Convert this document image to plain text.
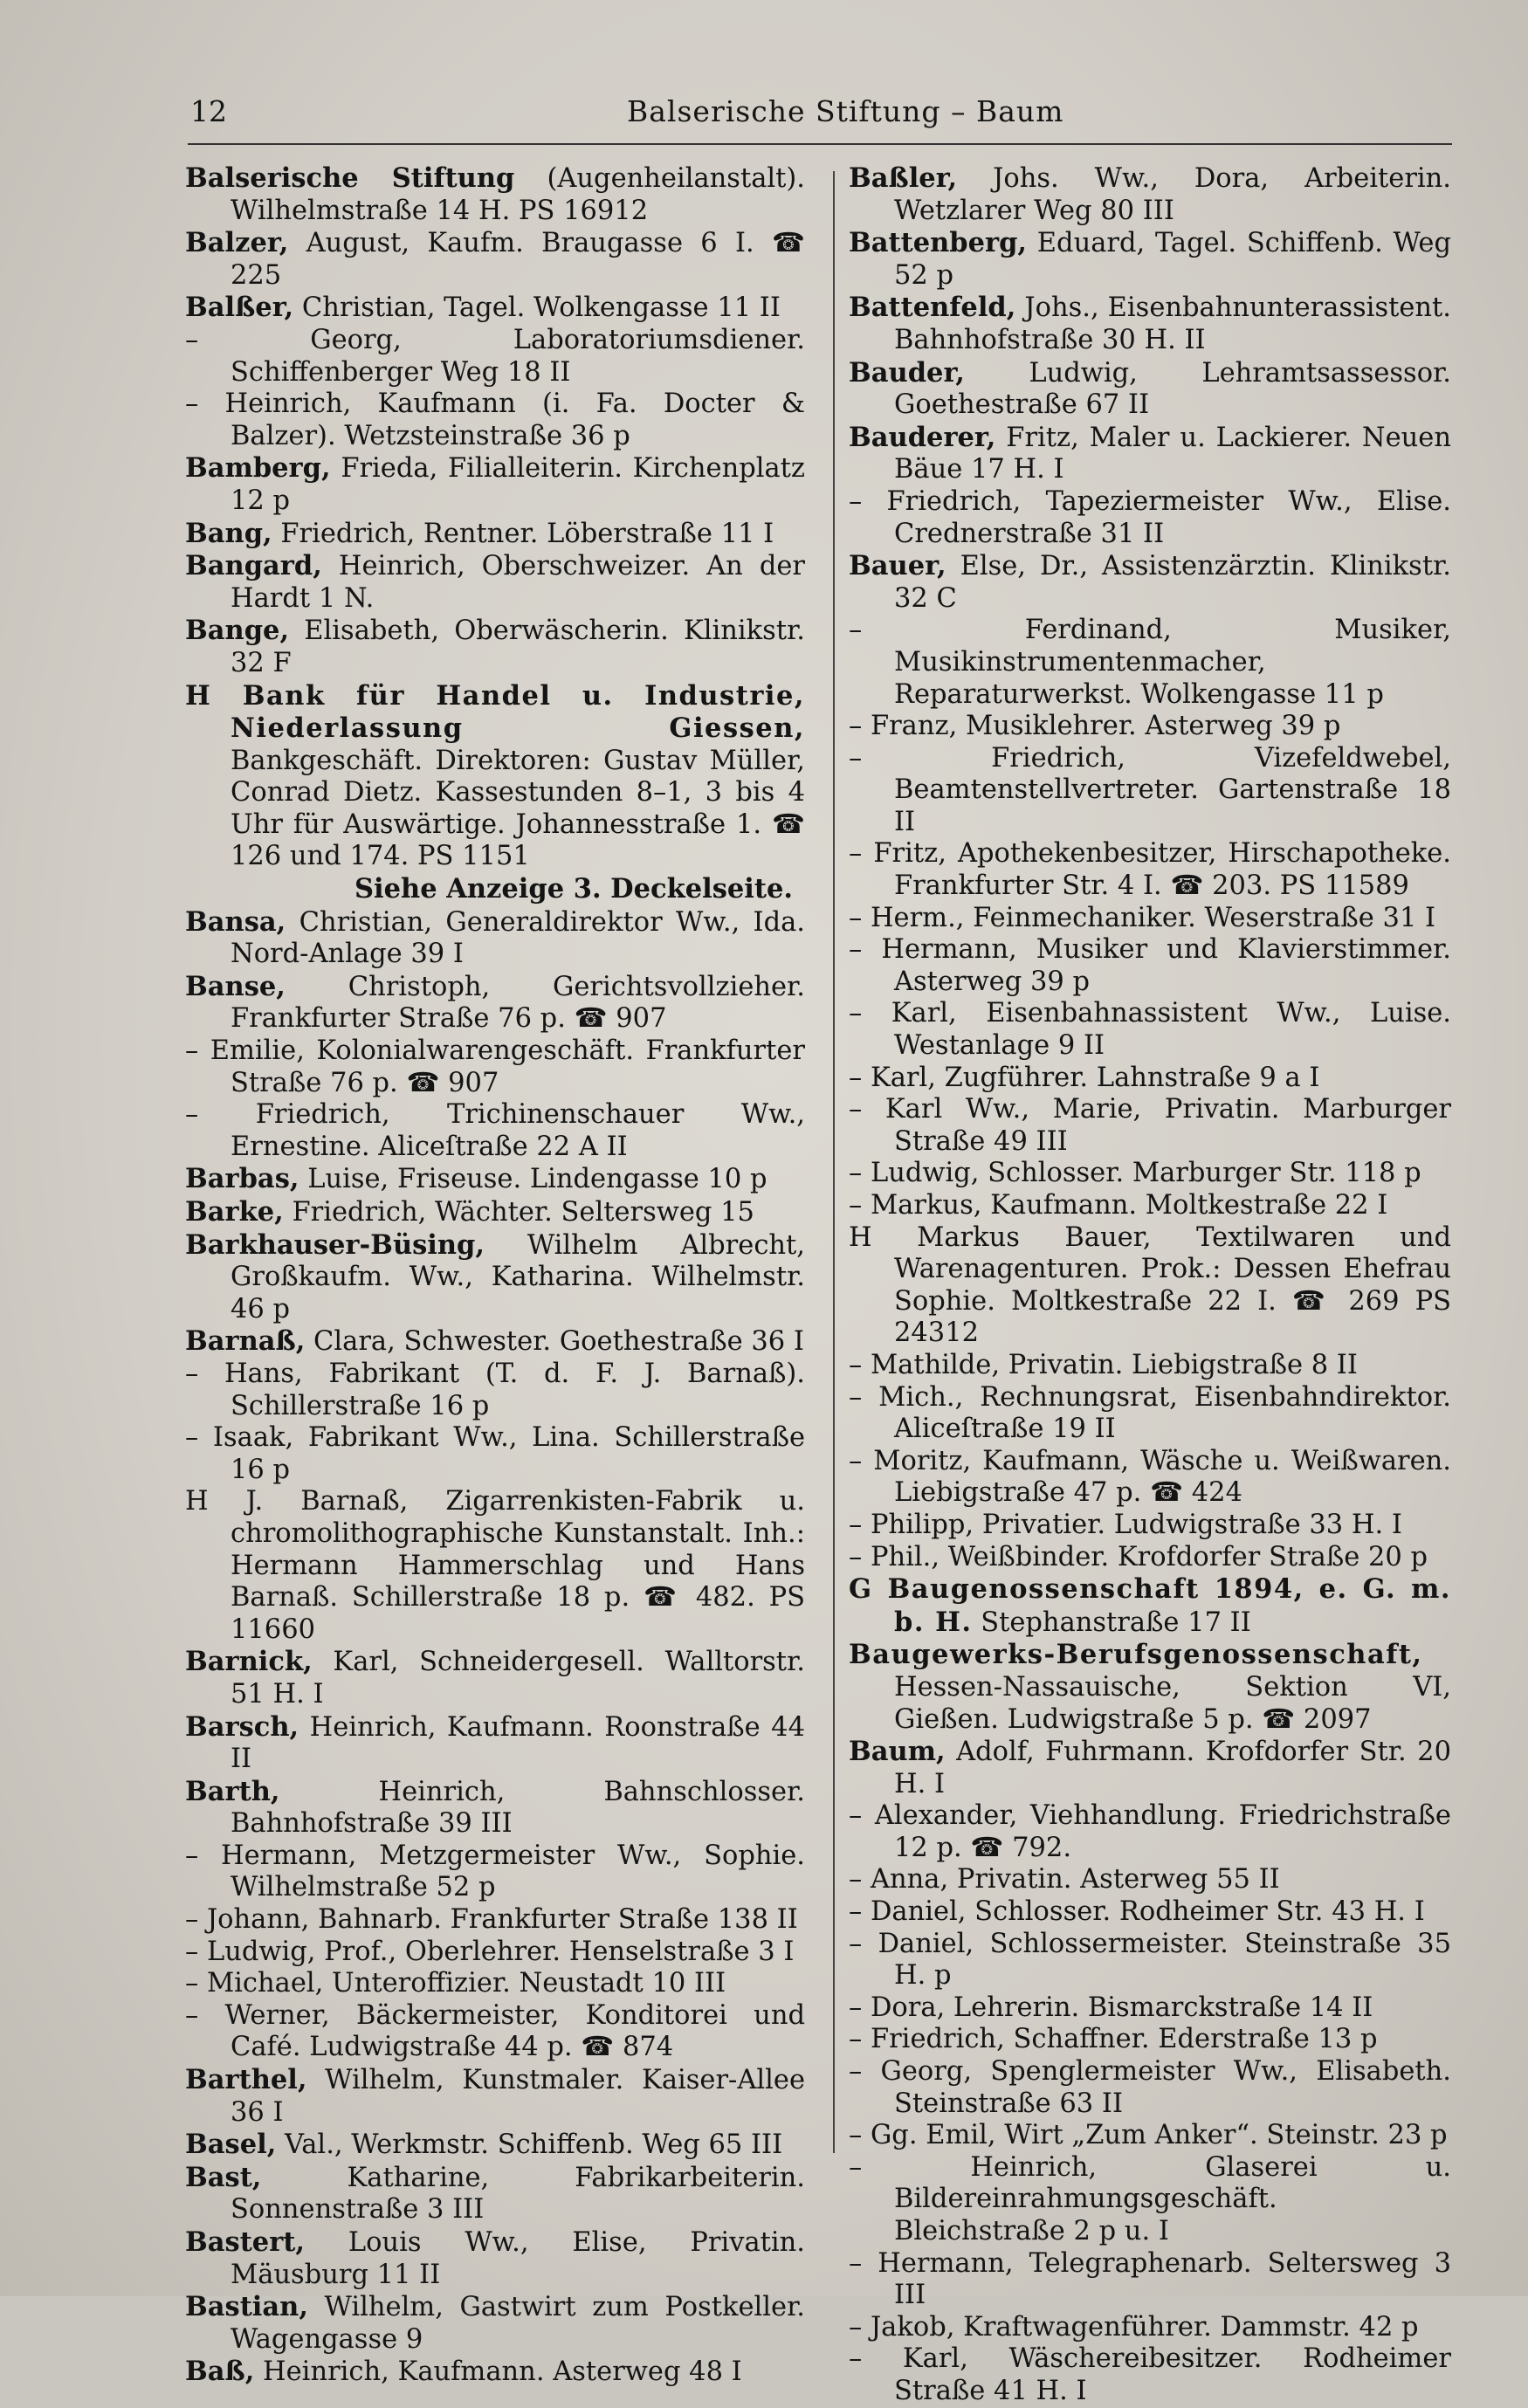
12	Balserische Stiftung – Baum

Balserische Stiftung (Augenheilanstalt). Wilhelmstraße 14 H. PS 16912

Balzer, August, Kaufm. Braugasse 6 I. ☎ 225

Balßer, Christian, Tagel. Wolkengasse 11 II

– Georg, Laboratoriumsdiener. Schiffenberger Weg 18 II

– Heinrich, Kaufmann (i. Fa. Docter & Balzer). Wetzsteinstraße 36 p

Bamberg, Frieda, Filialleiterin. Kirchenplatz 12 p

Bang, Friedrich, Rentner. Löberstraße 11 I

Bangard, Heinrich, Oberschweizer. An der Hardt 1 N.

Bange, Elisabeth, Oberwäscherin. Klinikstr. 32 F

H Bank für Handel u. Industrie, Niederlassung Giessen, Bankgeschäft. Direktoren: Gustav Müller, Conrad Dietz. Kassestunden 8–1, 3 bis 4 Uhr für Auswärtige. Johannesstraße 1. ☎ 126 und 174. PS 1151

Siehe Anzeige 3. Deckelseite.

Bansa, Christian, Generaldirektor Ww., Ida. Nord-Anlage 39 I

Banse, Christoph, Gerichtsvollzieher. Frankfurter Straße 76 p. ☎ 907

– Emilie, Kolonialwarengeschäft. Frankfurter Straße 76 p. ☎ 907

– Friedrich, Trichinenschauer Ww., Ernestine. Aliceſtraße 22 A II

Barbas, Luise, Friseuse. Lindengasse 10 p

Barke, Friedrich, Wächter. Seltersweg 15

Barkhauser-Büsing, Wilhelm Albrecht, Großkaufm. Ww., Katharina. Wilhelmstr. 46 p

Barnaß, Clara, Schwester. Goethestraße 36 I

– Hans, Fabrikant (T. d. F. J. Barnaß). Schillerstraße 16 p

– Isaak, Fabrikant Ww., Lina. Schillerstraße 16 p

H J. Barnaß, Zigarrenkisten-Fabrik u. chromolithographische Kunstanstalt. Inh.: Hermann Hammerschlag und Hans Barnaß. Schillerstraße 18 p. ☎ 482. PS 11660

Barnick, Karl, Schneidergesell. Walltorstr. 51 H. I

Barsch, Heinrich, Kaufmann. Roonstraße 44 II

Barth, Heinrich, Bahnschlosser. Bahnhofstraße 39 III

– Hermann, Metzgermeister Ww., Sophie. Wilhelmstraße 52 p

– Johann, Bahnarb. Frankfurter Straße 138 II

– Ludwig, Prof., Oberlehrer. Henselstraße 3 I

– Michael, Unteroffizier. Neustadt 10 III

– Werner, Bäckermeister, Konditorei und Café. Ludwigstraße 44 p. ☎ 874

Barthel, Wilhelm, Kunstmaler. Kaiser-Allee 36 I

Basel, Val., Werkmstr. Schiffenb. Weg 65 III

Bast, Katharine, Fabrikarbeiterin. Sonnenstraße 3 III

Bastert, Louis Ww., Elise, Privatin. Mäusburg 11 II

Bastian, Wilhelm, Gastwirt zum Postkeller. Wagengasse 9

Baß, Heinrich, Kaufmann. Asterweg 48 I

Baßler, Johs. Ww., Dora, Arbeiterin. Wetzlarer Weg 80 III

Battenberg, Eduard, Tagel. Schiffenb. Weg 52 p

Battenfeld, Johs., Eisenbahnunterassistent. Bahnhofstraße 30 H. II

Bauder, Ludwig, Lehramtsassessor. Goethestraße 67 II

Bauderer, Fritz, Maler u. Lackierer. Neuen Bäue 17 H. I

– Friedrich, Tapeziermeister Ww., Elise. Crednerstraße 31 II

Bauer, Else, Dr., Assistenzärztin. Klinikstr. 32 C

– Ferdinand, Musiker, Musikinstrumentenmacher, Reparaturwerkst. Wolkengasse 11 p

– Franz, Musiklehrer. Asterweg 39 p

– Friedrich, Vizefeldwebel, Beamtenstellvertreter. Gartenstraße 18 II

– Fritz, Apothekenbesitzer, Hirschapotheke. Frankfurter Str. 4 I. ☎ 203. PS 11589

– Herm., Feinmechaniker. Weserstraße 31 I

– Hermann, Musiker und Klavierstimmer. Asterweg 39 p

– Karl, Eisenbahnassistent Ww., Luise. Westanlage 9 II

– Karl, Zugführer. Lahnstraße 9 a I

– Karl Ww., Marie, Privatin. Marburger Straße 49 III

– Ludwig, Schlosser. Marburger Str. 118 p

– Markus, Kaufmann. Moltkestraße 22 I

H Markus Bauer, Textilwaren und Warenagenturen. Prok.: Dessen Ehefrau Sophie. Moltkestraße 22 I. ☎ 269 PS 24312

– Mathilde, Privatin. Liebigstraße 8 II

– Mich., Rechnungsrat, Eisenbahndirektor. Aliceſtraße 19 II

– Moritz, Kaufmann, Wäsche u. Weißwaren. Liebigstraße 47 p. ☎ 424

– Philipp, Privatier. Ludwigstraße 33 H. I

– Phil., Weißbinder. Krofdorfer Straße 20 p

G Baugenossenschaft 1894, e. G. m. b. H. Stephanstraße 17 II

Baugewerks-Berufsgenossenschaft, Hessen-Nassauische, Sektion VI, Gießen. Ludwigstraße 5 p. ☎ 2097

Baum, Adolf, Fuhrmann. Krofdorfer Str. 20 H. I

– Alexander, Viehhandlung. Friedrichstraße 12 p. ☎ 792.

– Anna, Privatin. Asterweg 55 II

– Daniel, Schlosser. Rodheimer Str. 43 H. I

– Daniel, Schlossermeister. Steinstraße 35 H. p

– Dora, Lehrerin. Bismarckstraße 14 II

– Friedrich, Schaffner. Ederstraße 13 p

– Georg, Spenglermeister Ww., Elisabeth. Steinstraße 63 II

– Gg. Emil, Wirt „Zum Anker“. Steinstr. 23 p

– Heinrich, Glaserei u. Bildereinrahmungsgeschäft. Bleichstraße 2 p u. I

– Hermann, Telegraphenarb. Seltersweg 3 III

– Jakob, Kraftwagenführer. Dammstr. 42 p

– Karl, Wäschereibesitzer. Rodheimer Straße 41 H. I
